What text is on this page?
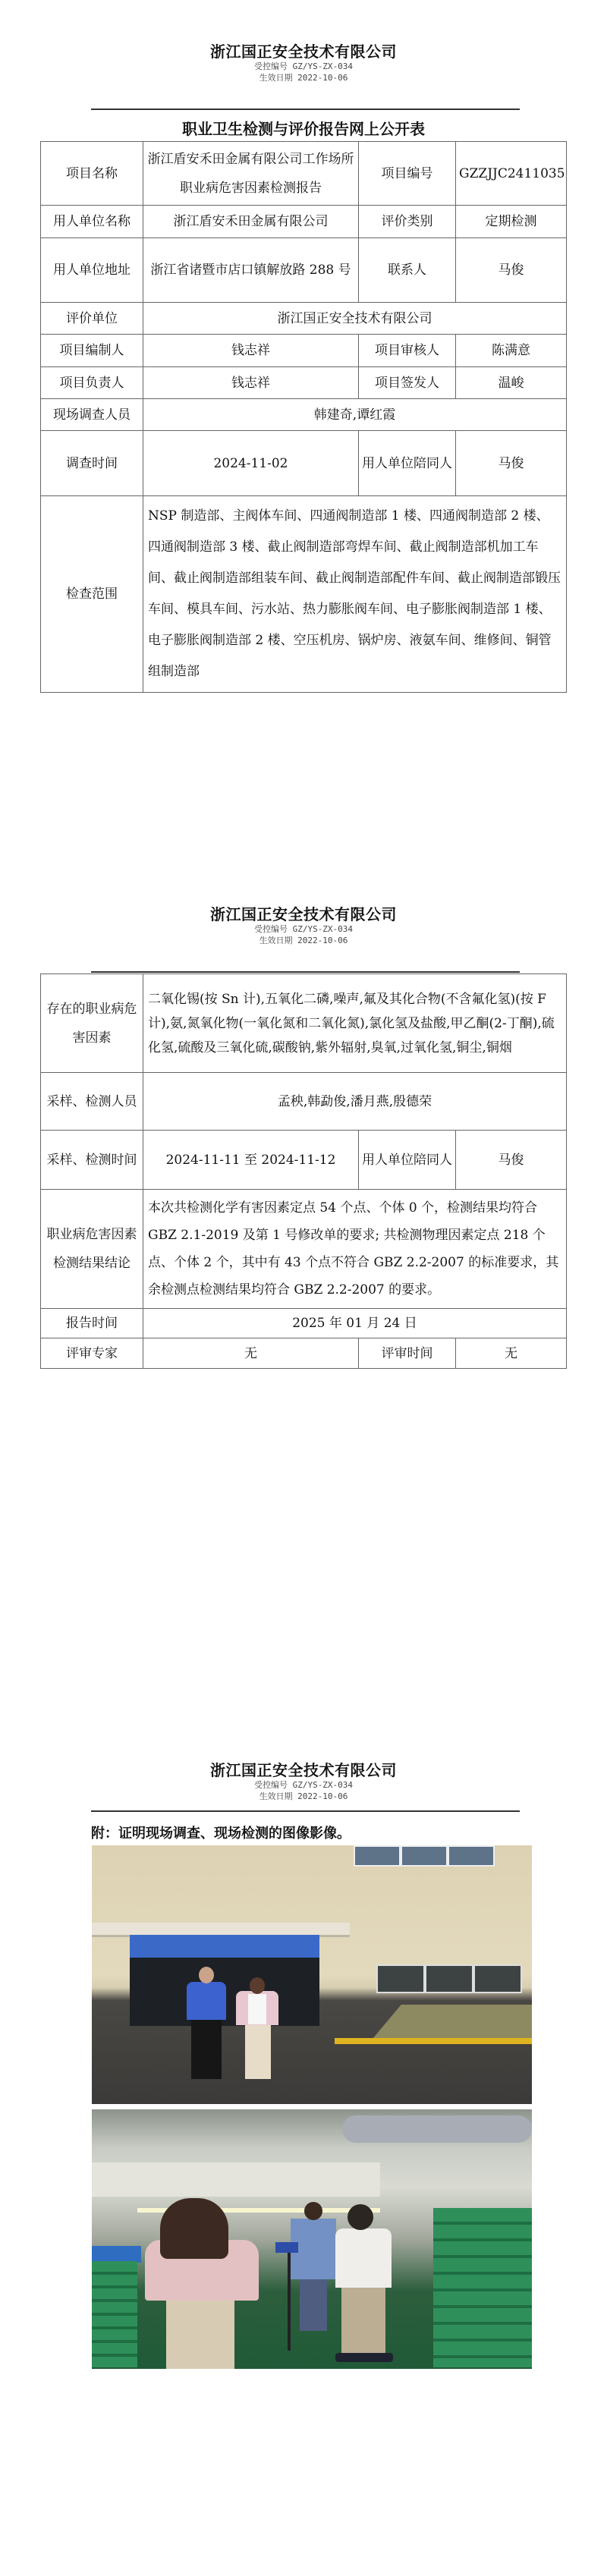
浙江国正安全技术有限公司
受控编号 GZ/YS-ZX-034
生效日期 2022-10-06
职业卫生检测与评价报告网上公开表
项目名称	浙江盾安禾田金属有限公司工作场所职业病危害因素检测报告	项目编号	GZZJJC2411035
用人单位名称	浙江盾安禾田金属有限公司	评价类别	定期检测
用人单位地址	浙江省诸暨市店口镇解放路 288 号	联系人	马俊
评价单位	浙江国正安全技术有限公司		
项目编制人	钱志祥	项目审核人	陈满意
项目负责人	钱志祥	项目签发人	温峻
现场调查人员	韩建奇,谭红霞		
调查时间	2024-11-02	用人单位陪同人	马俊
检查范围	NSP 制造部、主阀体车间、四通阀制造部 1 楼、四通阀制造部 2 楼、四通阀制造部 3 楼、截止阀制造部弯焊车间、截止阀制造部机加工车间、截止阀制造部组装车间、截止阀制造部配件车间、截止阀制造部锻压车间、模具车间、污水站、热力膨胀阀车间、电子膨胀阀制造部 1 楼、电子膨胀阀制造部 2 楼、空压机房、锅炉房、液氨车间、维修间、铜管组制造部		
浙江国正安全技术有限公司
受控编号 GZ/YS-ZX-034
生效日期 2022-10-06
存在的职业病危害因素	二氧化锡(按 Sn 计),五氧化二磷,噪声,氟及其化合物(不含氟化氢)(按 F 计),氨,氮氧化物(一氧化氮和二氧化氮),氯化氢及盐酸,甲乙酮(2-丁酮),硫化氢,硫酸及三氧化硫,碳酸钠,紫外辐射,臭氧,过氧化氢,铜尘,铜烟		
采样、检测人员	孟秧,韩勐俊,潘月燕,殷德荣		
采样、检测时间	2024-11-11 至 2024-11-12	用人单位陪同人	马俊
职业病危害因素检测结果结论	本次共检测化学有害因素定点 54 个点、个体 0 个，检测结果均符合 GBZ 2.1-2019 及第 1 号修改单的要求; 共检测物理因素定点 218 个点、个体 2 个，其中有 43 个点不符合 GBZ 2.2-2007 的标准要求，其余检测点检测结果均符合 GBZ 2.2-2007 的要求。		
报告时间	2025 年 01 月 24 日		
评审专家	无	评审时间	无
浙江国正安全技术有限公司
受控编号 GZ/YS-ZX-034
生效日期 2022-10-06
附：证明现场调查、现场检测的图像影像。
